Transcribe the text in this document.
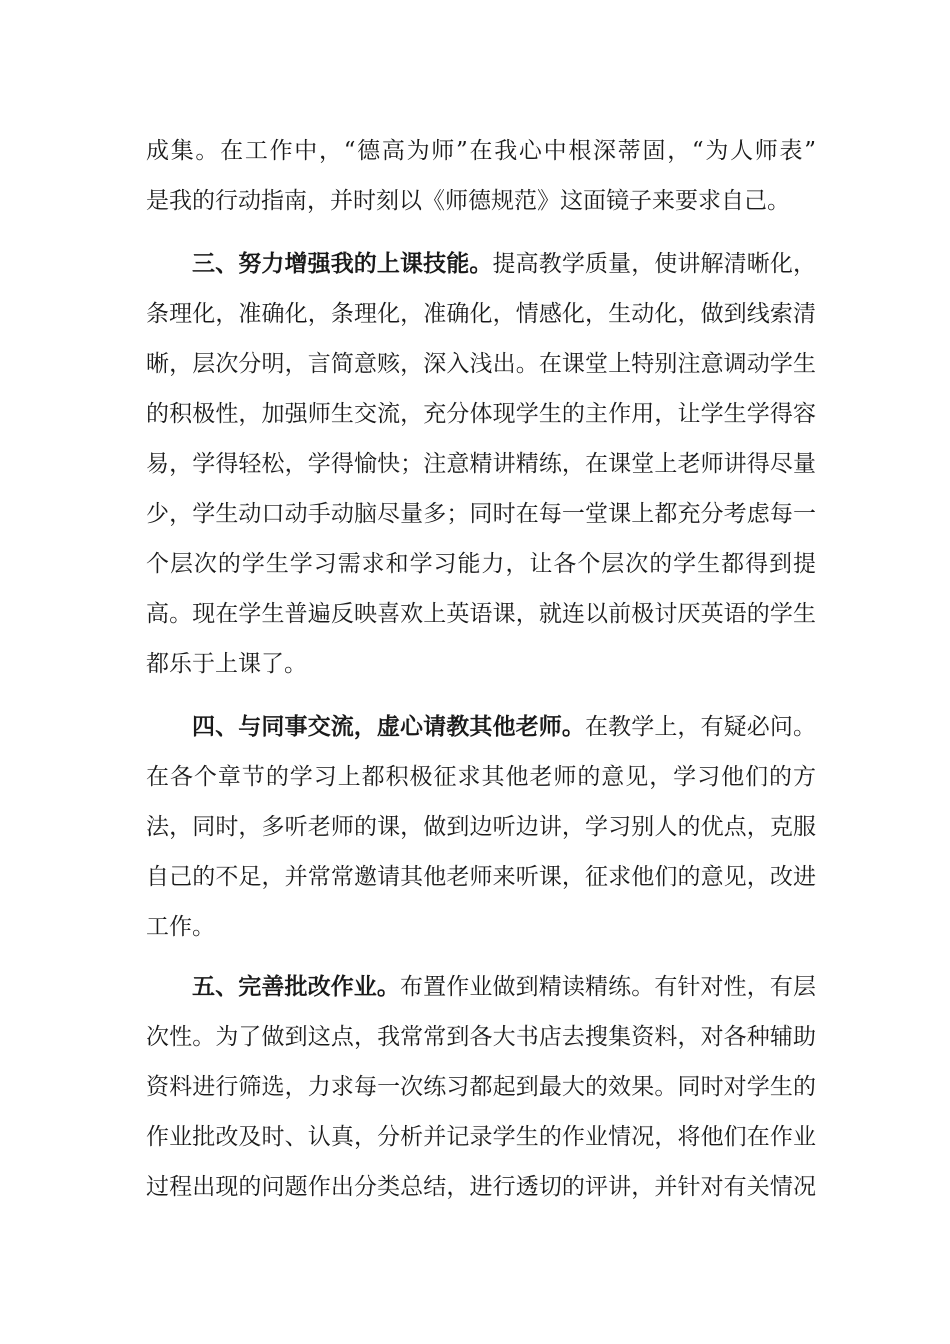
成集。在工作中，“德高为师”在我心中根深蒂固，“为人师表”
是我的行动指南，并时刻以《师德规范》这面镜子来要求自己。
三、努力增强我的上课技能。提高教学质量，使讲解清晰化，
条理化，准确化，条理化，准确化，情感化，生动化，做到线索清
晰，层次分明，言简意赅，深入浅出。在课堂上特别注意调动学生
的积极性，加强师生交流，充分体现学生的主作用，让学生学得容
易，学得轻松，学得愉快；注意精讲精练，在课堂上老师讲得尽量
少，学生动口动手动脑尽量多；同时在每一堂课上都充分考虑每一
个层次的学生学习需求和学习能力，让各个层次的学生都得到提
高。现在学生普遍反映喜欢上英语课，就连以前极讨厌英语的学生
都乐于上课了。
四、与同事交流，虚心请教其他老师。在教学上，有疑必问。
在各个章节的学习上都积极征求其他老师的意见，学习他们的方
法，同时，多听老师的课，做到边听边讲，学习别人的优点，克服
自己的不足，并常常邀请其他老师来听课，征求他们的意见，改进
工作。
五、完善批改作业。布置作业做到精读精练。有针对性，有层
次性。为了做到这点，我常常到各大书店去搜集资料，对各种辅助
资料进行筛选，力求每一次练习都起到最大的效果。同时对学生的
作业批改及时、认真，分析并记录学生的作业情况，将他们在作业
过程出现的问题作出分类总结，进行透切的评讲，并针对有关情况
